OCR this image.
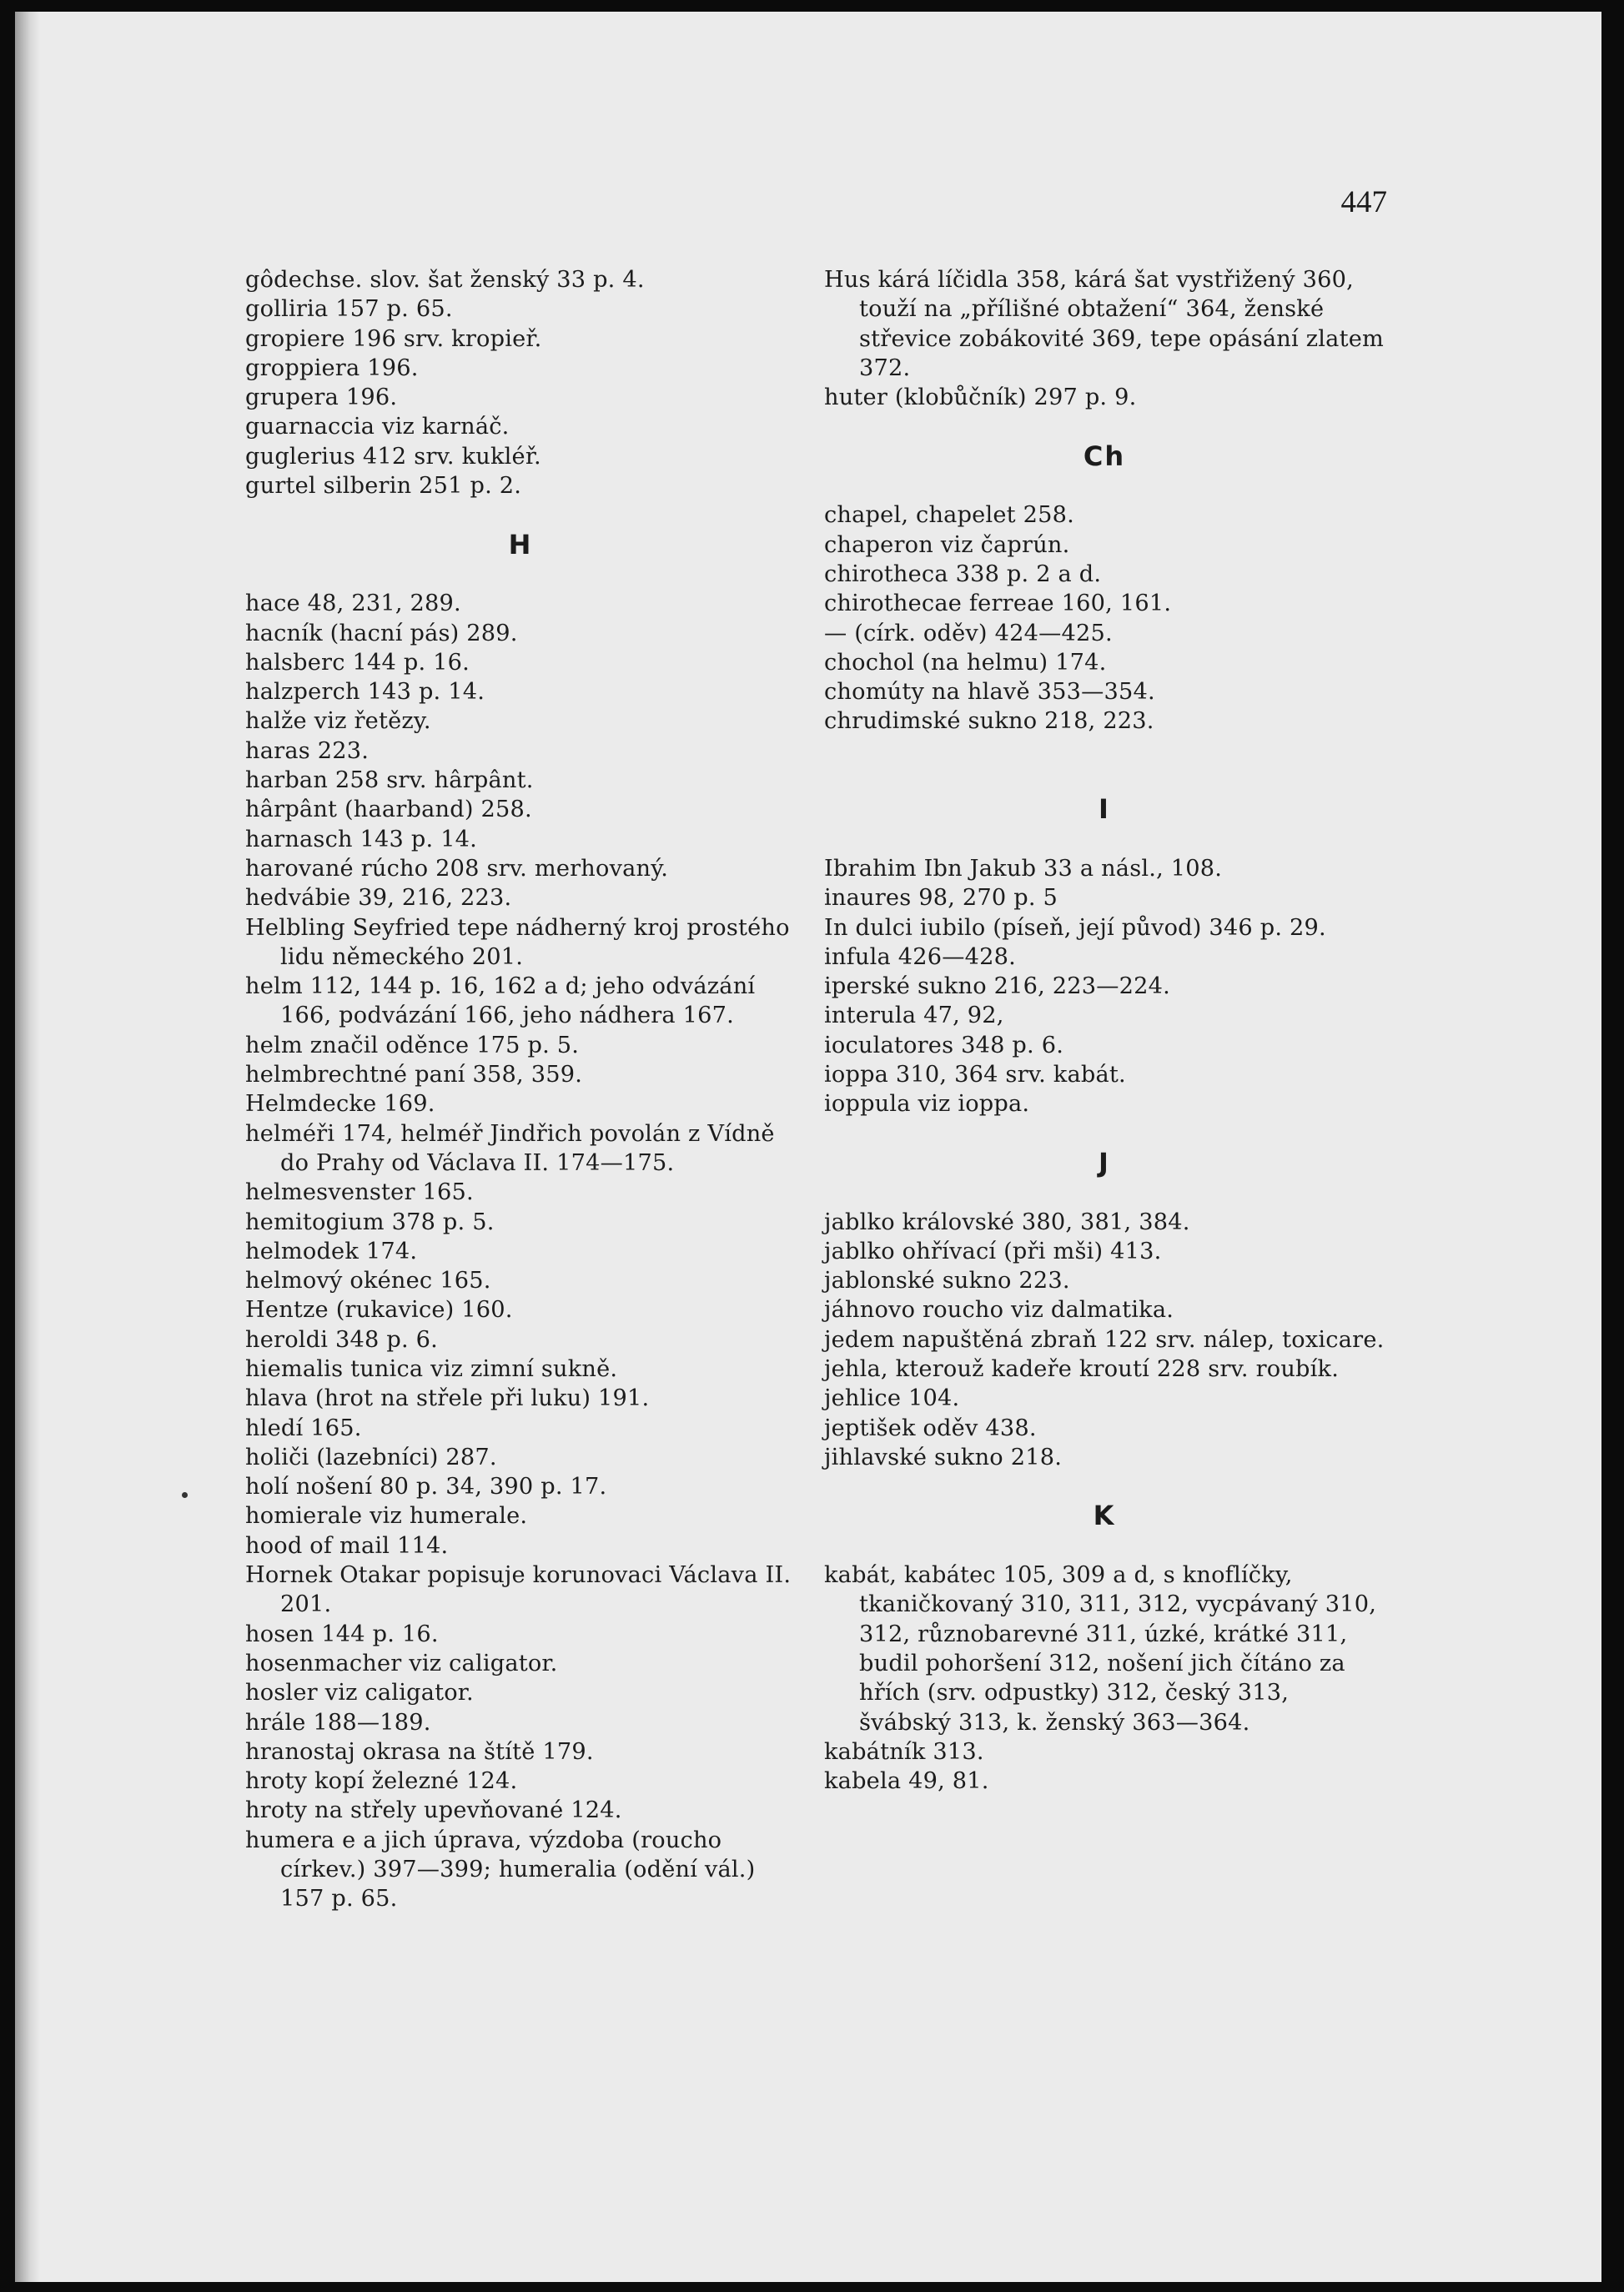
447
gôdechse. slov. šat ženský 33 p. 4.
golliria 157 p. 65.
gropiere 196 srv. kropieř.
groppiera 196.
grupera 196.
guarnaccia viz karnáč.
guglerius 412 srv. kukléř.
gurtel silberin 251 p. 2.
H
hace 48, 231, 289.
hacník (hacní pás) 289.
halsberc 144 p. 16.
halzperch 143 p. 14.
halže viz řetězy.
haras 223.
harban 258 srv. hârpânt.
hârpânt (haarband) 258.
harnasch 143 p. 14.
harované rúcho 208 srv. merhovaný.
hedvábie 39, 216, 223.
Helbling Seyfried tepe nádherný kroj prostého lidu německého 201.
helm 112, 144 p. 16, 162 a d; jeho odvázání 166, podvázání 166, jeho nádhera 167.
helm značil oděnce 175 p. 5.
helmbrechtné paní 358, 359.
Helmdecke 169.
helméři 174, helméř Jindřich povolán z Vídně do Prahy od Václava II. 174—175.
helmesvenster 165.
hemitogium 378 p. 5.
helmodek 174.
helmový okénec 165.
Hentze (rukavice) 160.
heroldi 348 p. 6.
hiemalis tunica viz zimní sukně.
hlava (hrot na střele při luku) 191.
hledí 165.
holiči (lazebníci) 287.
holí nošení 80 p. 34, 390 p. 17.
homierale viz humerale.
hood of mail 114.
Hornek Otakar popisuje korunovaci Václava II. 201.
hosen 144 p. 16.
hosenmacher viz caligator.
hosler viz caligator.
hrále 188—189.
hranostaj okrasa na štítě 179.
hroty kopí železné 124.
hroty na střely upevňované 124.
humera e a jich úprava, výzdoba (roucho církev.) 397—399; humeralia (odění vál.) 157 p. 65.
Hus kárá líčidla 358, kárá šat vystřižený 360, touží na „přílišné obtažení“ 364, ženské střevice zobákovité 369, tepe opásání zlatem 372.
huter (klobůčník) 297 p. 9.
Ch
chapel, chapelet 258.
chaperon viz čaprún.
chirotheca 338 p. 2 a d.
chirothecae ferreae 160, 161.
— (círk. oděv) 424—425.
chochol (na helmu) 174.
chomúty na hlavě 353—354.
chrudimské sukno 218, 223.
I
Ibrahim Ibn Jakub 33 a násl., 108.
inaures 98, 270 p. 5
In dulci iubilo (píseň, její původ) 346 p. 29.
infula 426—428.
iperské sukno 216, 223—224.
interula 47, 92,
ioculatores 348 p. 6.
ioppa 310, 364 srv. kabát.
ioppula viz ioppa.
J
jablko královské 380, 381, 384.
jablko ohřívací (při mši) 413.
jablonské sukno 223.
jáhnovo roucho viz dalmatika.
jedem napuštěná zbraň 122 srv. nálep, toxicare.
jehla, kterouž kadeře kroutí 228 srv. roubík.
jehlice 104.
jeptišek oděv 438.
jihlavské sukno 218.
K
kabát, kabátec 105, 309 a d, s knoflíčky, tkaničkovaný 310, 311, 312, vycpávaný 310, 312, různobarevné 311, úzké, krátké 311, budil pohoršení 312, nošení jich čítáno za hřích (srv. odpustky) 312, český 313, švábský 313, k. ženský 363—364.
kabátník 313.
kabela 49, 81.
